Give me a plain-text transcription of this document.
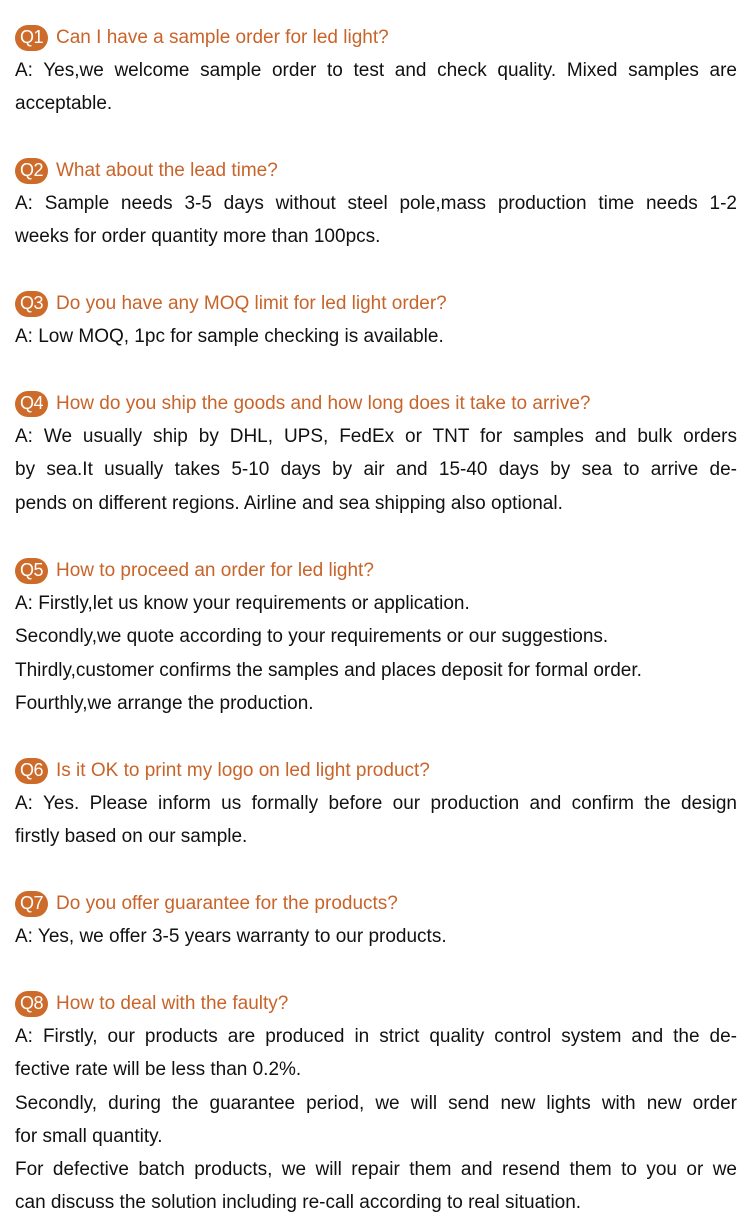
Q1 Can I have a sample order for led light?
A: Yes,we welcome sample order to test and check quality. Mixed samples are
acceptable.
Q2 What about the lead time?
A: Sample needs 3-5 days without steel pole,mass production time needs 1-2
weeks for order quantity more than 100pcs.
Q3 Do you have any MOQ limit for led light order?
A: Low MOQ, 1pc for sample checking is available.
Q4 How do you ship the goods and how long does it take to arrive?
A: We usually ship by DHL, UPS, FedEx or TNT for samples and bulk orders
by sea.It usually takes 5-10 days by air and 15-40 days by sea to arrive de-
pends on different regions. Airline and sea shipping also optional.
Q5 How to proceed an order for led light?
A: Firstly,let us know your requirements or application.
Secondly,we quote according to your requirements or our suggestions.
Thirdly,customer confirms the samples and places deposit for formal order.
Fourthly,we arrange the production.
Q6 Is it OK to print my logo on led light product?
A: Yes. Please inform us formally before our production and confirm the design
firstly based on our sample.
Q7 Do you offer guarantee for the products?
A: Yes, we offer 3-5 years warranty to our products.
Q8 How to deal with the faulty?
A: Firstly, our products are produced in strict quality control system and the de-
fective rate will be less than 0.2%.
Secondly, during the guarantee period, we will send new lights with new order
for small quantity.
For defective batch products, we will repair them and resend them to you or we
can discuss the solution including re-call according to real situation.
